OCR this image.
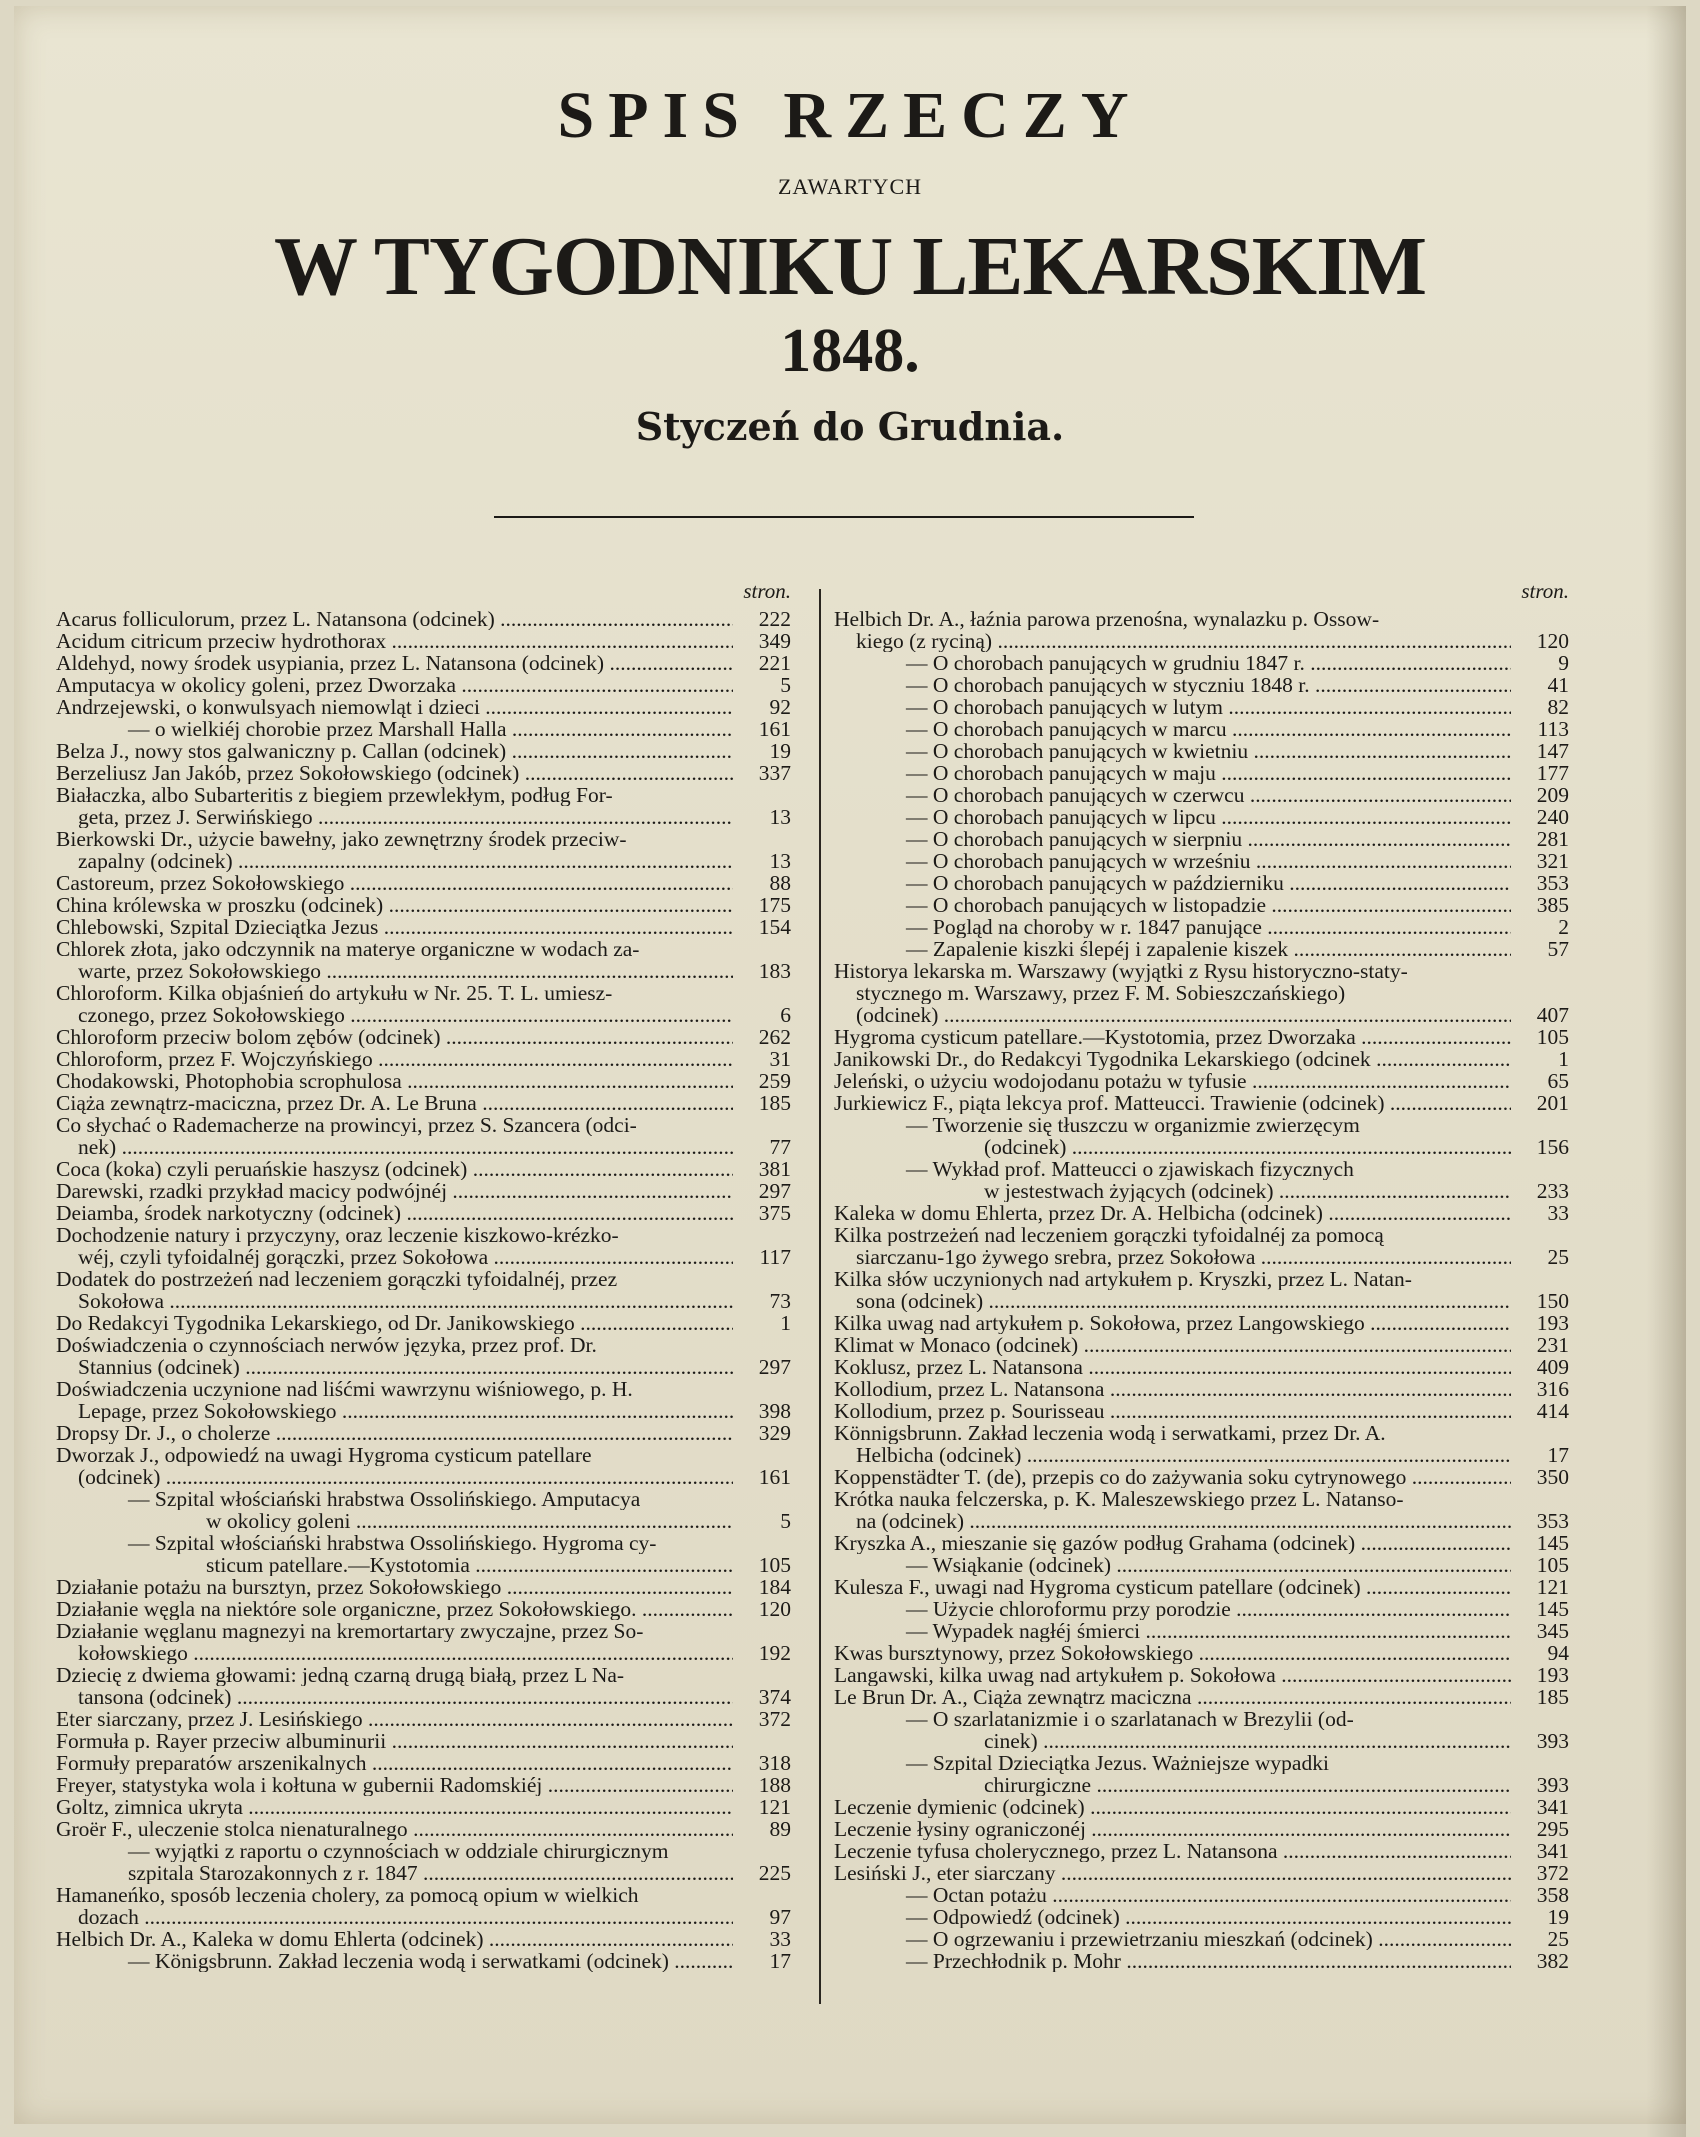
SPIS RZECZY
ZAWARTYCH
W TYGODNIKU LEKARSKIM
1848.
Styczeń do Grudnia.
stron.
Acarus folliculorum, przez L. Natansona (odcinek) .....	222
Acidum citricum przeciw hydrothorax .....	349
Aldehyd, nowy środek usypiania, przez L. Natansona (odcinek) .....	221
Amputacya w okolicy goleni, przez Dworzaka .....	5
Andrzejewski, o konwulsyach niemowląt i dzieci .....	92
— o wielkiéj chorobie przez Marshall Halla .....	161
Belza J., nowy stos galwaniczny p. Callan (odcinek) .....	19
Berzeliusz Jan Jakób, przez Sokołowskiego (odcinek) .....	337
Białaczka, albo Subarteritis z biegiem przewlekłym, podług For-
geta, przez J. Serwińskiego .....	13
Bierkowski Dr., użycie bawełny, jako zewnętrzny środek przeciw-
zapalny (odcinek) .....	13
Castoreum, przez Sokołowskiego .....	88
China królewska w proszku (odcinek) .....	175
Chlebowski, Szpital Dzieciątka Jezus .....	154
Chlorek złota, jako odczynnik na materye organiczne w wodach za-
warte, przez Sokołowskiego .....	183
Chloroform. Kilka objaśnień do artykułu w Nr. 25. T. L. umiesz-
czonego, przez Sokołowskiego .....	6
Chloroform przeciw bolom zębów (odcinek) .....	262
Chloroform, przez F. Wojczyńskiego .....	31
Chodakowski, Photophobia scrophulosa .....	259
Ciąża zewnątrz-maciczna, przez Dr. A. Le Bruna .....	185
Co słychać o Rademacherze na prowincyi, przez S. Szancera (odci-
nek) .....	77
Coca (koka) czyli peruańskie haszysz (odcinek) .....	381
Darewski, rzadki przykład macicy podwójnéj .....	297
Deiamba, środek narkotyczny (odcinek) .....	375
Dochodzenie natury i przyczyny, oraz leczenie kiszkowo-krézko-
wéj, czyli tyfoidalnéj gorączki, przez Sokołowa .....	117
Dodatek do postrzeżeń nad leczeniem gorączki tyfoidalnéj, przez
Sokołowa .....	73
Do Redakcyi Tygodnika Lekarskiego, od Dr. Janikowskiego .....	1
Doświadczenia o czynnościach nerwów języka, przez prof. Dr.
Stannius (odcinek) .....	297
Doświadczenia uczynione nad liśćmi wawrzynu wiśniowego, p. H.
Lepage, przez Sokołowskiego .....	398
Dropsy Dr. J., o cholerze .....	329
Dworzak J., odpowiedź na uwagi Hygroma cysticum patellare
(odcinek) .....	161
— Szpital włościański hrabstwa Ossolińskiego. Amputacya
w okolicy goleni .....	5
— Szpital włościański hrabstwa Ossolińskiego. Hygroma cy-
sticum patellare.—Kystotomia .....	105
Działanie potażu na bursztyn, przez Sokołowskiego .....	184
Działanie węgla na niektóre sole organiczne, przez Sokołowskiego. .....	120
Działanie węglanu magnezyi na kremortartary zwyczajne, przez So-
kołowskiego .....	192
Dziecię z dwiema głowami: jedną czarną drugą białą, przez L Na-
tansona (odcinek) .....	374
Eter siarczany, przez J. Lesińskiego .....	372
Formuła p. Rayer przeciw albuminurii .....
Formuły preparatów arszenikalnych .....	318
Freyer, statystyka wola i kołtuna w gubernii Radomskiéj .....	188
Goltz, zimnica ukryta .....	121
Groër F., uleczenie stolca nienaturalnego .....	89
— wyjątki z raportu o czynnościach w oddziale chirurgicznym
szpitala Starozakonnych z r. 1847 .....	225
Hamaneńko, sposób leczenia cholery, za pomocą opium w wielkich
dozach .....	97
Helbich Dr. A., Kaleka w domu Ehlerta (odcinek) .....	33
— Königsbrunn. Zakład leczenia wodą i serwatkami (odcinek) .....	17
stron.
Helbich Dr. A., łaźnia parowa przenośna, wynalazku p. Ossow-
kiego (z ryciną) .....	120
— O chorobach panujących w grudniu 1847 r. .....	9
— O chorobach panujących w styczniu 1848 r. .....	41
— O chorobach panujących w lutym .....	82
— O chorobach panujących w marcu .....	113
— O chorobach panujących w kwietniu .....	147
— O chorobach panujących w maju .....	177
— O chorobach panujących w czerwcu .....	209
— O chorobach panujących w lipcu .....	240
— O chorobach panujących w sierpniu .....	281
— O chorobach panujących w wrześniu .....	321
— O chorobach panujących w październiku .....	353
— O chorobach panujących w listopadzie .....	385
— Pogląd na choroby w r. 1847 panujące .....	2
— Zapalenie kiszki ślepéj i zapalenie kiszek .....	57
Historya lekarska m. Warszawy (wyjątki z Rysu historyczno-staty-
stycznego m. Warszawy, przez F. M. Sobieszczańskiego)
(odcinek) .....	407
Hygroma cysticum patellare.—Kystotomia, przez Dworzaka .....	105
Janikowski Dr., do Redakcyi Tygodnika Lekarskiego (odcinek .....	1
Jeleński, o użyciu wodojodanu potażu w tyfusie .....	65
Jurkiewicz F., piąta lekcya prof. Matteucci. Trawienie (odcinek) .....	201
— Tworzenie się tłuszczu w organizmie zwierzęcym
(odcinek) .....	156
— Wykład prof. Matteucci o zjawiskach fizycznych
w jestestwach żyjących (odcinek) .....	233
Kaleka w domu Ehlerta, przez Dr. A. Helbicha (odcinek) .....	33
Kilka postrzeżeń nad leczeniem gorączki tyfoidalnéj za pomocą
siarczanu-1go żywego srebra, przez Sokołowa .....	25
Kilka słów uczynionych nad artykułem p. Kryszki, przez L. Natan-
sona (odcinek) .....	150
Kilka uwag nad artykułem p. Sokołowa, przez Langowskiego .....	193
Klimat w Monaco (odcinek) .....	231
Koklusz, przez L. Natansona .....	409
Kollodium, przez L. Natansona .....	316
Kollodium, przez p. Sourisseau .....	414
Könnigsbrunn. Zakład leczenia wodą i serwatkami, przez Dr. A.
Helbicha (odcinek) .....	17
Koppenstädter T. (de), przepis co do zażywania soku cytrynowego .....	350
Krótka nauka felczerska, p. K. Maleszewskiego przez L. Natanso-
na (odcinek) .....	353
Kryszka A., mieszanie się gazów podług Grahama (odcinek) .....	145
— Wsiąkanie (odcinek) .....	105
Kulesza F., uwagi nad Hygroma cysticum patellare (odcinek) .....	121
— Użycie chloroformu przy porodzie .....	145
— Wypadek nagłéj śmierci .....	345
Kwas bursztynowy, przez Sokołowskiego .....	94
Langawski, kilka uwag nad artykułem p. Sokołowa .....	193
Le Brun Dr. A., Ciąża zewnątrz maciczna .....	185
— O szarlatanizmie i o szarlatanach w Brezylii (od-
cinek) .....	393
— Szpital Dzieciątka Jezus. Ważniejsze wypadki
chirurgiczne .....	393
Leczenie dymienic (odcinek) .....	341
Leczenie łysiny ograniczonéj .....	295
Leczenie tyfusa cholerycznego, przez L. Natansona .....	341
Lesiński J., eter siarczany .....	372
— Octan potażu .....	358
— Odpowiedź (odcinek) .....	19
— O ogrzewaniu i przewietrzaniu mieszkań (odcinek) .....	25
— Przechłodnik p. Mohr .....	382
